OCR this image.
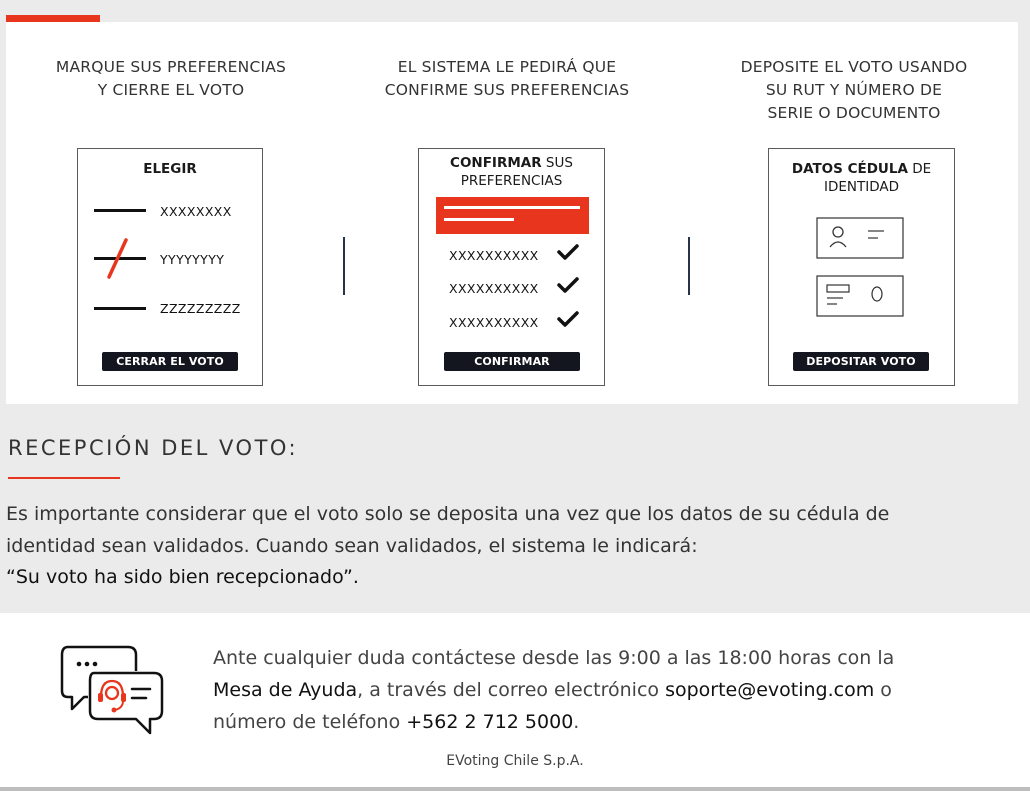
MARQUE SUS PREFERENCIAS
Y CIERRE EL VOTO
ELEGIR
XXXXXXXX
YYYYYYYY
ZZZZZZZZZ
CERRAR EL VOTO
EL SISTEMA LE PEDIRÁ QUE
CONFIRME SUS PREFERENCIAS
CONFIRMAR SUS
PREFERENCIAS
XXXXXXXXXX
XXXXXXXXXX
XXXXXXXXXX
CONFIRMAR
DEPOSITE EL VOTO USANDO
SU RUT Y NÚMERO DE
SERIE O DOCUMENTO
DATOS CÉDULA DE
IDENTIDAD
DEPOSITAR VOTO
RECEPCIÓN DEL VOTO:
Es importante considerar que el voto solo se deposita una vez que los datos de su cédula de
identidad sean validados. Cuando sean validados, el sistema le indicará:
“Su voto ha sido bien recepcionado”.
Ante cualquier duda contáctese desde las 9:00 a las 18:00 horas con la
Mesa de Ayuda, a través del correo electrónico soporte@evoting.com o
número de teléfono +562 2 712 5000.
EVoting Chile S.p.A.
